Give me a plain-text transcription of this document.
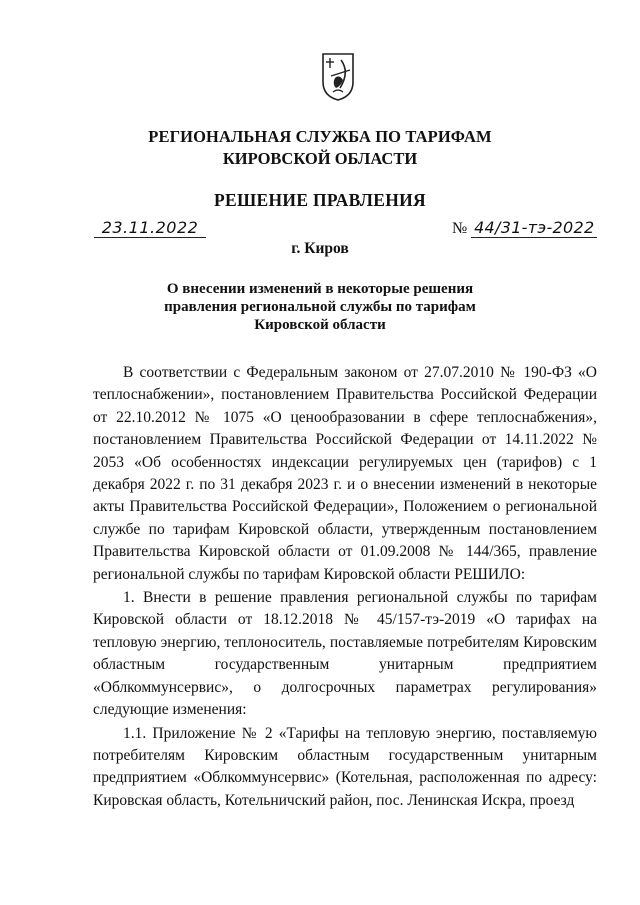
РЕГИОНАЛЬНАЯ СЛУЖБА ПО ТАРИФАМ
КИРОВСКОЙ ОБЛАСТИ
РЕШЕНИЕ ПРАВЛЕНИЯ
23.11.2022	№ 44/31-тэ-2022
г. Киров
О внесении изменений в некоторые решения
правления региональной службы по тарифам
Кировской области

В соответствии с Федеральным законом от 27.07.2010 № 190-ФЗ «О теплоснабжении», постановлением Правительства Российской Федерации от 22.10.2012 № 1075 «О ценообразовании в сфере теплоснабжения», постановлением Правительства Российской Федерации от 14.11.2022 № 2053 «Об особенностях индексации регулируемых цен (тарифов) с 1 декабря 2022 г. по 31 декабря 2023 г. и о внесении изменений в некоторые акты Правительства Российской Федерации», Положением о региональной службе по тарифам Кировской области, утвержденным постановлением Правительства Кировской области от 01.09.2008 № 144/365, правление региональной службы по тарифам Кировской области РЕШИЛО:

1. Внести в решение правления региональной службы по тарифам Кировской области от 18.12.2018 № 45/157-тэ-2019 «О тарифах на тепловую энергию, теплоноситель, поставляемые потребителям Кировским областным государственным унитарным предприятием «Облкоммунсервис», о долгосрочных параметрах регулирования» следующие изменения:

1.1. Приложение № 2 «Тарифы на тепловую энергию, поставляемую потребителям Кировским областным государственным унитарным предприятием «Облкоммунсервис» (Котельная, расположенная по адресу: Кировская область, Котельничский район, пос. Ленинская Искра, проезд
